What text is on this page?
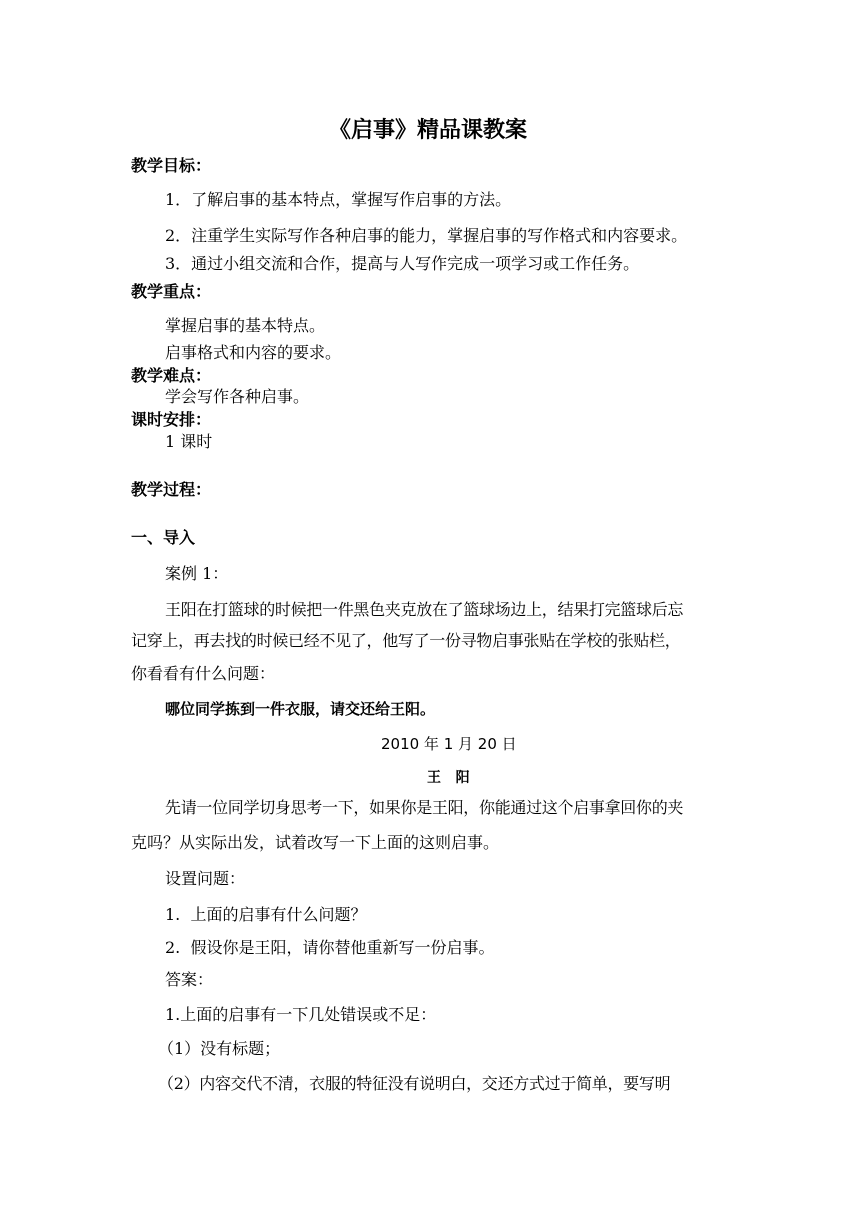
《启事》精品课教案
教学目标：
1．了解启事的基本特点，掌握写作启事的方法。
2．注重学生实际写作各种启事的能力，掌握启事的写作格式和内容要求。
3．通过小组交流和合作，提高与人写作完成一项学习或工作任务。
教学重点：
掌握启事的基本特点。
启事格式和内容的要求。
教学难点：
学会写作各种启事。
课时安排：
1 课时
教学过程：
一、导入
案例 1：
王阳在打篮球的时候把一件黑色夹克放在了篮球场边上，结果打完篮球后忘
记穿上，再去找的时候已经不见了，他写了一份寻物启事张贴在学校的张贴栏，
你看看有什么问题：
哪位同学拣到一件衣服，请交还给王阳。
2010 年 1 月 20 日
王   阳
先请一位同学切身思考一下，如果你是王阳，你能通过这个启事拿回你的夹
克吗？从实际出发，试着改写一下上面的这则启事。
设置问题：
1.  上面的启事有什么问题？
2.  假设你是王阳，请你替他重新写一份启事。
答案：
1.上面的启事有一下几处错误或不足：
（1）没有标题；
（2）内容交代不清，衣服的特征没有说明白，交还方式过于简单，要写明
